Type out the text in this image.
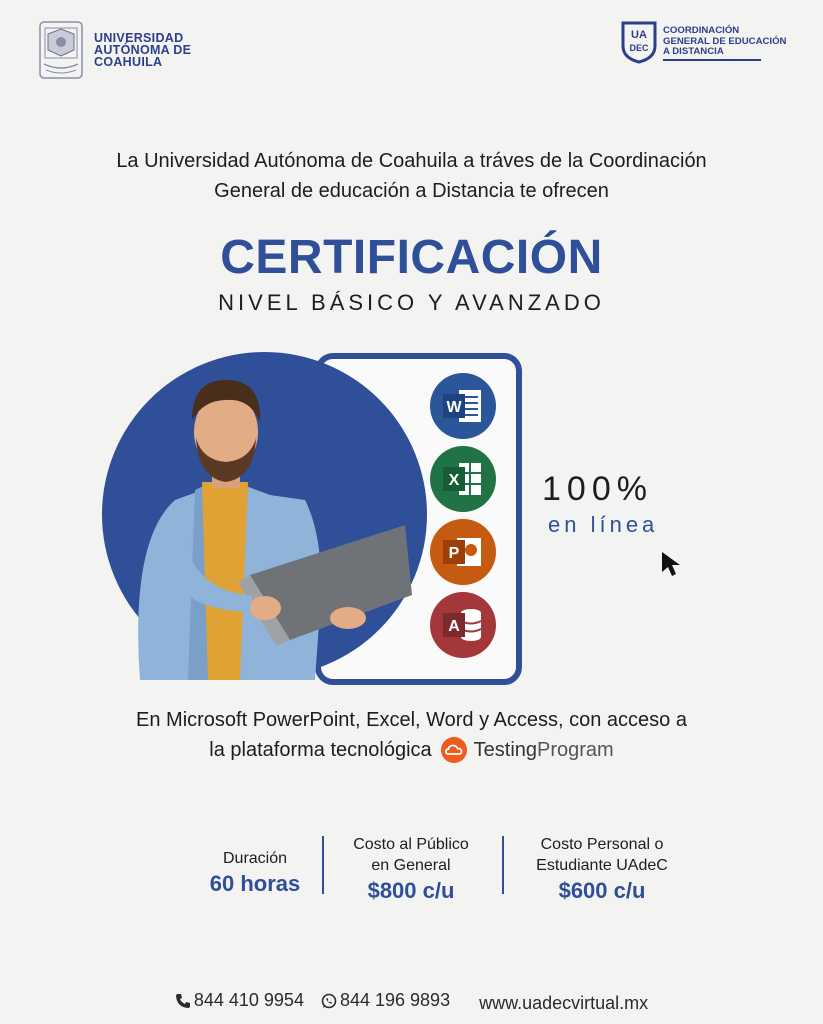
UNIVERSIDAD
AUTÓNOMA DE
COAHUILA
UA
DEC
COORDINACIÓN
GENERAL DE EDUCACIÓN
A DISTANCIA
La Universidad Autónoma de Coahuila a tráves de la Coordinación
General de educación a Distancia te ofrecen
CERTIFICACIÓN
NIVEL BÁSICO Y AVANZADO
W
X
P
A
100%
en línea
En Microsoft PowerPoint, Excel, Word y Access, con acceso a
la plataforma tecnológica TestingProgram
Duración
60 horas
Costo al Público
en General
$800 c/u
Costo Personal o
Estudiante UAdeC
$600 c/u
844 410 9954
844 196 9893 www.uadecvirtual.mx
